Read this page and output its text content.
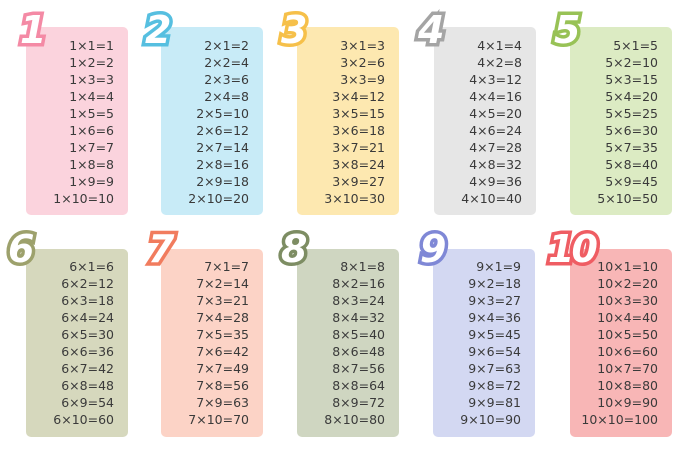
1	1×1=1
1×2=2
1×3=3
1×4=4
1×5=5
1×6=6
1×7=7
1×8=8
1×9=9
1×10=10
2	2×1=2
2×2=4
2×3=6
2×4=8
2×5=10
2×6=12
2×7=14
2×8=16
2×9=18
2×10=20
3	3×1=3
3×2=6
3×3=9
3×4=12
3×5=15
3×6=18
3×7=21
3×8=24
3×9=27
3×10=30
4	4×1=4
4×2=8
4×3=12
4×4=16
4×5=20
4×6=24
4×7=28
4×8=32
4×9=36
4×10=40
5	5×1=5
5×2=10
5×3=15
5×4=20
5×5=25
5×6=30
5×7=35
5×8=40
5×9=45
5×10=50
6	6×1=6
6×2=12
6×3=18
6×4=24
6×5=30
6×6=36
6×7=42
6×8=48
6×9=54
6×10=60
7	7×1=7
7×2=14
7×3=21
7×4=28
7×5=35
7×6=42
7×7=49
7×8=56
7×9=63
7×10=70
8	8×1=8
8×2=16
8×3=24
8×4=32
8×5=40
8×6=48
8×7=56
8×8=64
8×9=72
8×10=80
9	9×1=9
9×2=18
9×3=27
9×4=36
9×5=45
9×6=54
9×7=63
9×8=72
9×9=81
9×10=90
10 10×1=10
10×2=20
10×3=30
10×4=40
10×5=50
10×6=60
10×7=70
10×8=80
10×9=90
10×10=100
